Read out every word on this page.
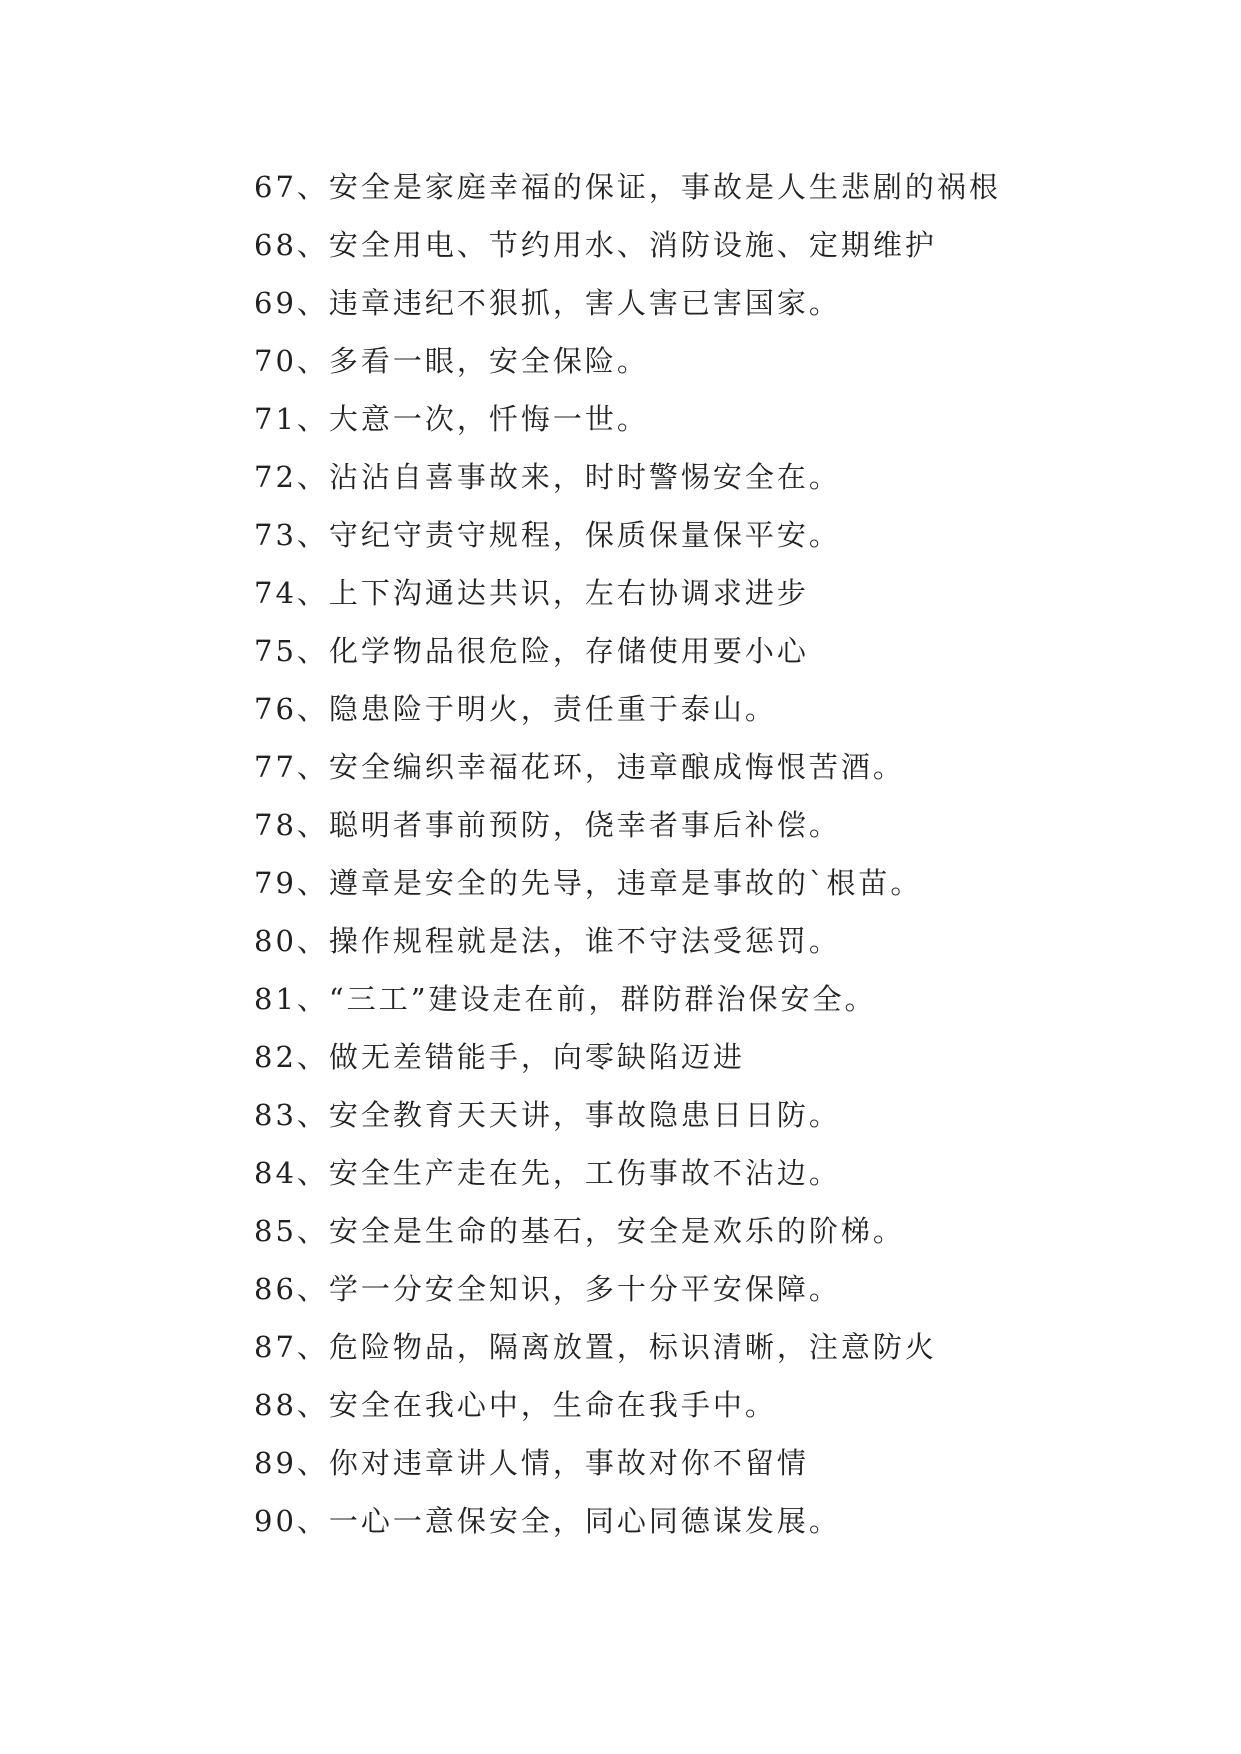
67、安全是家庭幸福的保证，事故是人生悲剧的祸根
68、安全用电、节约用水、消防设施、定期维护
69、违章违纪不狠抓，害人害已害国家。
70、多看一眼，安全保险。
71、大意一次，忏悔一世。
72、沾沾自喜事故来，时时警惕安全在。
73、守纪守责守规程，保质保量保平安。
74、上下沟通达共识，左右协调求进步
75、化学物品很危险，存储使用要小心
76、隐患险于明火，责任重于泰山。
77、安全编织幸福花环，违章酿成悔恨苦酒。
78、聪明者事前预防，侥幸者事后补偿。
79、遵章是安全的先导，违章是事故的`根苗。
80、操作规程就是法，谁不守法受惩罚。
81、“三工”建设走在前，群防群治保安全。
82、做无差错能手，向零缺陷迈进
83、安全教育天天讲，事故隐患日日防。
84、安全生产走在先，工伤事故不沾边。
85、安全是生命的基石，安全是欢乐的阶梯。
86、学一分安全知识，多十分平安保障。
87、危险物品，隔离放置，标识清晰，注意防火
88、安全在我心中，生命在我手中。
89、你对违章讲人情，事故对你不留情
90、一心一意保安全，同心同德谋发展。
